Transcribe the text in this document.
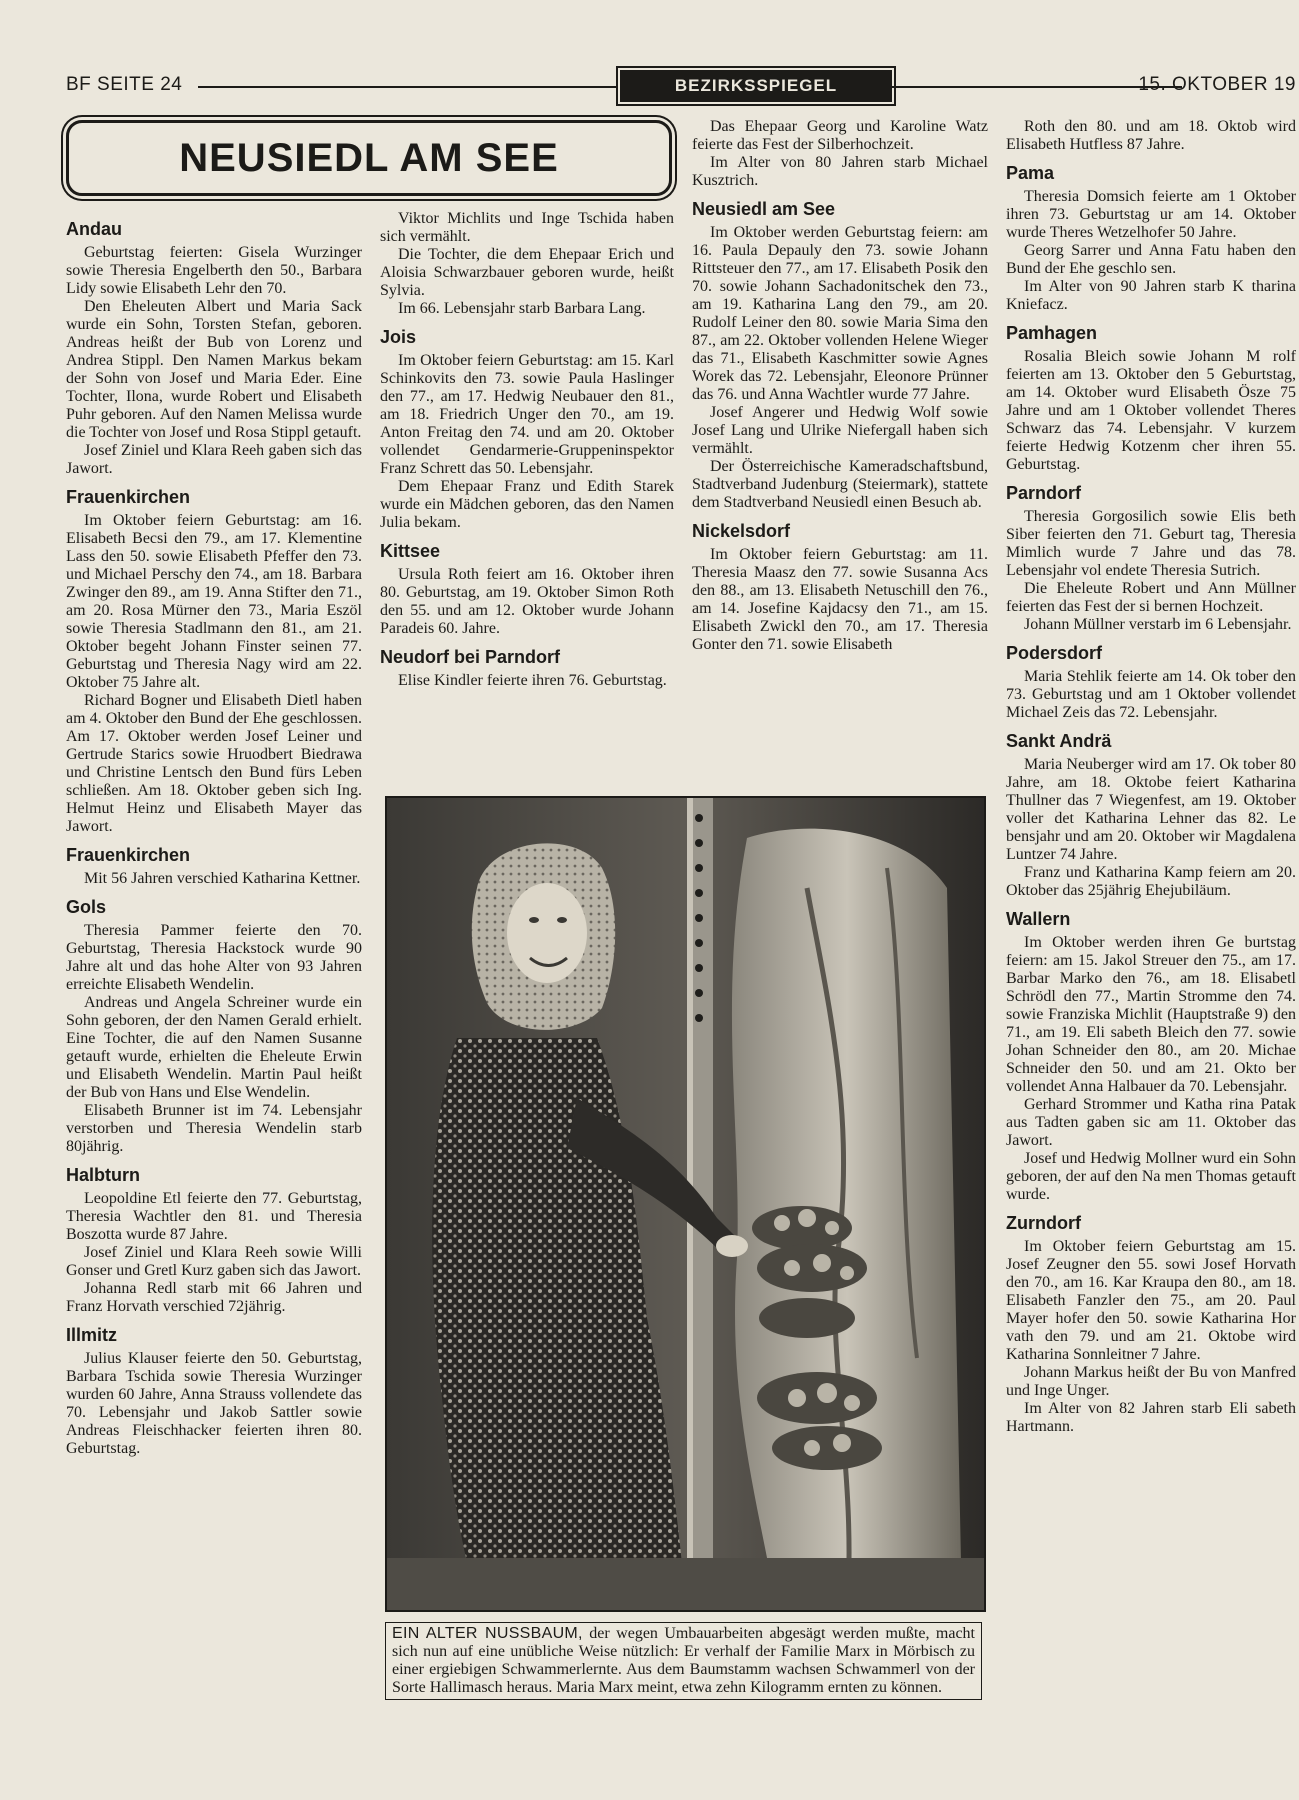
BF SEITE 24	BEZIRKSSPIEGEL	15. OKTOBER 19
NEUSIEDL AM SEE
Andau

Geburtstag feierten: Gisela Wurzinger sowie Theresia Engelberth den 50., Barbara Lidy sowie Elisabeth Lehr den 70.

Den Eheleuten Albert und Maria Sack wurde ein Sohn, Torsten Stefan, geboren. Andreas heißt der Bub von Lorenz und Andrea Stippl. Den Namen Markus bekam der Sohn von Josef und Maria Eder. Eine Tochter, Ilona, wurde Robert und Elisabeth Puhr geboren. Auf den Namen Melissa wurde die Tochter von Josef und Rosa Stippl getauft.

Josef Ziniel und Klara Reeh gaben sich das Jawort.

Frauenkirchen

Im Oktober feiern Geburtstag: am 16. Elisabeth Becsi den 79., am 17. Klementine Lass den 50. sowie Elisabeth Pfeffer den 73. und Michael Perschy den 74., am 18. Barbara Zwinger den 89., am 19. Anna Stifter den 71., am 20. Rosa Mürner den 73., Maria Eszöl sowie Theresia Stadlmann den 81., am 21. Oktober begeht Johann Finster seinen 77. Geburtstag und Theresia Nagy wird am 22. Oktober 75 Jahre alt.

Richard Bogner und Elisabeth Dietl haben am 4. Oktober den Bund der Ehe geschlossen. Am 17. Oktober werden Josef Leiner und Gertrude Starics sowie Hruodbert Biedrawa und Christine Lentsch den Bund fürs Leben schließen. Am 18. Oktober geben sich Ing. Helmut Heinz und Elisabeth Mayer das Jawort.

Frauenkirchen

Mit 56 Jahren verschied Katharina Kettner.

Gols

Theresia Pammer feierte den 70. Geburtstag, Theresia Hackstock wurde 90 Jahre alt und das hohe Alter von 93 Jahren erreichte Elisabeth Wendelin.

Andreas und Angela Schreiner wurde ein Sohn geboren, der den Namen Gerald erhielt. Eine Tochter, die auf den Namen Susanne getauft wurde, erhielten die Eheleute Erwin und Elisabeth Wendelin. Martin Paul heißt der Bub von Hans und Else Wendelin.

Elisabeth Brunner ist im 74. Lebensjahr verstorben und Theresia Wendelin starb 80jährig.

Halbturn

Leopoldine Etl feierte den 77. Geburtstag, Theresia Wachtler den 81. und Theresia Boszotta wurde 87 Jahre.

Josef Ziniel und Klara Reeh sowie Willi Gonser und Gretl Kurz gaben sich das Jawort.

Johanna Redl starb mit 66 Jahren und Franz Horvath verschied 72jährig.

Illmitz

Julius Klauser feierte den 50. Geburtstag, Barbara Tschida sowie Theresia Wurzinger wurden 60 Jahre, Anna Strauss vollendete das 70. Lebensjahr und Jakob Sattler sowie Andreas Fleischhacker feierten ihren 80. Geburtstag.

Viktor Michlits und Inge Tschida haben sich vermählt.

Die Tochter, die dem Ehepaar Erich und Aloisia Schwarzbauer geboren wurde, heißt Sylvia.

Im 66. Lebensjahr starb Barbara Lang.

Jois

Im Oktober feiern Geburtstag: am 15. Karl Schinkovits den 73. sowie Paula Haslinger den 77., am 17. Hedwig Neubauer den 81., am 18. Friedrich Unger den 70., am 19. Anton Freitag den 74. und am 20. Oktober vollendet Gendarmerie-Gruppeninspektor Franz Schrett das 50. Lebensjahr.

Dem Ehepaar Franz und Edith Starek wurde ein Mädchen geboren, das den Namen Julia bekam.

Kittsee

Ursula Roth feiert am 16. Oktober ihren 80. Geburtstag, am 19. Oktober Simon Roth den 55. und am 12. Oktober wurde Johann Paradeis 60. Jahre.

Neudorf bei Parndorf

Elise Kindler feierte ihren 76. Geburtstag.

Das Ehepaar Georg und Karoline Watz feierte das Fest der Silberhochzeit.

Im Alter von 80 Jahren starb Michael Kusztrich.

Neusiedl am See

Im Oktober werden Geburtstag feiern: am 16. Paula Depauly den 73. sowie Johann Rittsteuer den 77., am 17. Elisabeth Posik den 70. sowie Johann Sachadonitschek den 73., am 19. Katharina Lang den 79., am 20. Rudolf Leiner den 80. sowie Maria Sima den 87., am 22. Oktober vollenden Helene Wieger das 71., Elisabeth Kaschmitter sowie Agnes Worek das 72. Lebensjahr, Eleonore Prünner das 76. und Anna Wachtler wurde 77 Jahre.

Josef Angerer und Hedwig Wolf sowie Josef Lang und Ulrike Niefergall haben sich vermählt.

Der Österreichische Kameradschaftsbund, Stadtverband Judenburg (Steiermark), stattete dem Stadtverband Neusiedl einen Besuch ab.

Nickelsdorf

Im Oktober feiern Geburtstag: am 11. Theresia Maasz den 77. sowie Susanna Acs den 88., am 13. Elisabeth Netuschill den 76., am 14. Josefine Kajdacsy den 71., am 15. Elisabeth Zwickl den 70., am 17. Theresia Gonter den 71. sowie Elisabeth

Roth den 80. und am 18. Oktob wird Elisabeth Hutfless 87 Jahre.

Pama

Theresia Domsich feierte am 1 Oktober ihren 73. Geburtstag ur am 14. Oktober wurde Theres Wetzelhofer 50 Jahre.

Georg Sarrer und Anna Fatu haben den Bund der Ehe geschlo sen.

Im Alter von 90 Jahren starb K tharina Kniefacz.

Pamhagen

Rosalia Bleich sowie Johann M rolf feierten am 13. Oktober den 5 Geburtstag, am 14. Oktober wurd Elisabeth Ösze 75 Jahre und am 1 Oktober vollendet Theres Schwarz das 74. Lebensjahr. V kurzem feierte Hedwig Kotzenm cher ihren 55. Geburtstag.

Parndorf

Theresia Gorgosilich sowie Elis beth Siber feierten den 71. Geburt tag, Theresia Mimlich wurde 7 Jahre und das 78. Lebensjahr vol endete Theresia Sutrich.

Die Eheleute Robert und Ann Müllner feierten das Fest der si bernen Hochzeit.

Johann Müllner verstarb im 6 Lebensjahr.

Podersdorf

Maria Stehlik feierte am 14. Ok tober den 73. Geburtstag und am 1 Oktober vollendet Michael Zeis das 72. Lebensjahr.

Sankt Andrä

Maria Neuberger wird am 17. Ok tober 80 Jahre, am 18. Oktobe feiert Katharina Thullner das 7 Wiegenfest, am 19. Oktober voller det Katharina Lehner das 82. Le bensjahr und am 20. Oktober wir Magdalena Luntzer 74 Jahre.

Franz und Katharina Kamp feiern am 20. Oktober das 25jährig Ehejubiläum.

Wallern

Im Oktober werden ihren Ge burtstag feiern: am 15. Jakol Streuer den 75., am 17. Barbar Marko den 76., am 18. Elisabetl Schrödl den 77., Martin Stromme den 74. sowie Franziska Michlit (Hauptstraße 9) den 71., am 19. Eli sabeth Bleich den 77. sowie Johan Schneider den 80., am 20. Michae Schneider den 50. und am 21. Okto ber vollendet Anna Halbauer da 70. Lebensjahr.

Gerhard Strommer und Katha rina Patak aus Tadten gaben sic am 11. Oktober das Jawort.

Josef und Hedwig Mollner wurd ein Sohn geboren, der auf den Na men Thomas getauft wurde.

Zurndorf

Im Oktober feiern Geburtstag am 15. Josef Zeugner den 55. sowi Josef Horvath den 70., am 16. Kar Kraupa den 80., am 18. Elisabeth Fanzler den 75., am 20. Paul Mayer hofer den 50. sowie Katharina Hor vath den 79. und am 21. Oktobe wird Katharina Sonnleitner 7 Jahre.

Johann Markus heißt der Bu von Manfred und Inge Unger.

Im Alter von 82 Jahren starb Eli sabeth Hartmann.

EIN ALTER NUSSBAUM, der wegen Umbauarbeiten abgesägt werden mußte, macht sich nun auf eine unübliche Weise nützlich: Er verhalf der Familie Marx in Mörbisch zu einer ergiebigen Schwammerlernte. Aus dem Baumstamm wachsen Schwammerl von der Sorte Hallimasch heraus. Maria Marx meint, etwa zehn Kilogramm ernten zu können.
